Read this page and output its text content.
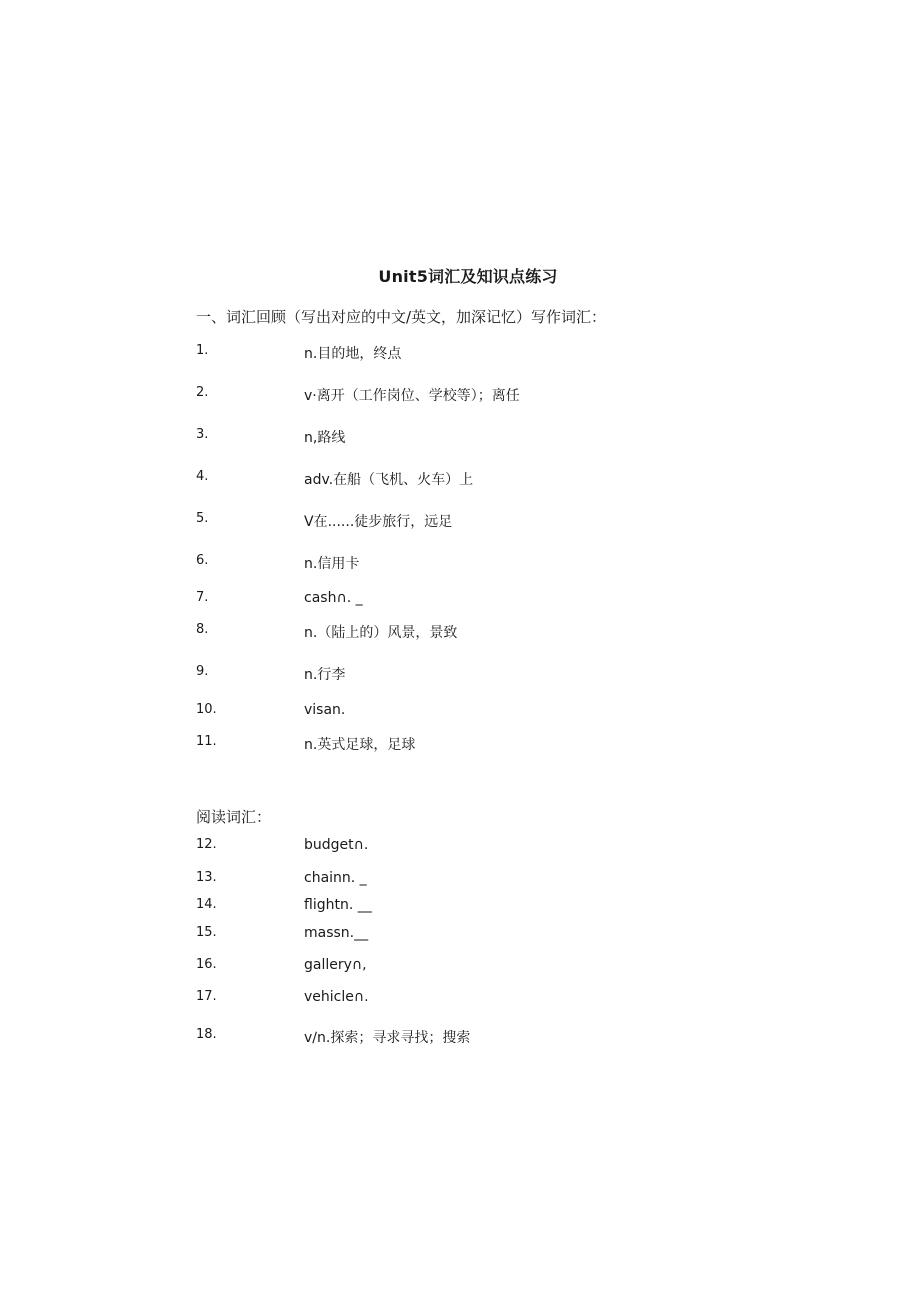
Unit5词汇及知识点练习
一、词汇回顾（写出对应的中文/英文，加深记忆）写作词汇：
1.	n.目的地，终点
2.	v·离开（工作岗位、学校等）；离任
3.	n,路线
4.	adv.在船（飞机、火车）上
5.	V在......徒步旅行，远足
6.	n.信用卡
7.	cash∩. _
8.	n.（陆上的）风景，景致
9.	n.行李
10.	visan.
11.	n.英式足球，足球
阅读词汇：
12.	budget∩.
13.	chainn. _
14.	flightn. __
15.	massn.__
16.	gallery∩,
17.	vehicle∩.
18.	v∕n.探索；寻求寻找；搜索
